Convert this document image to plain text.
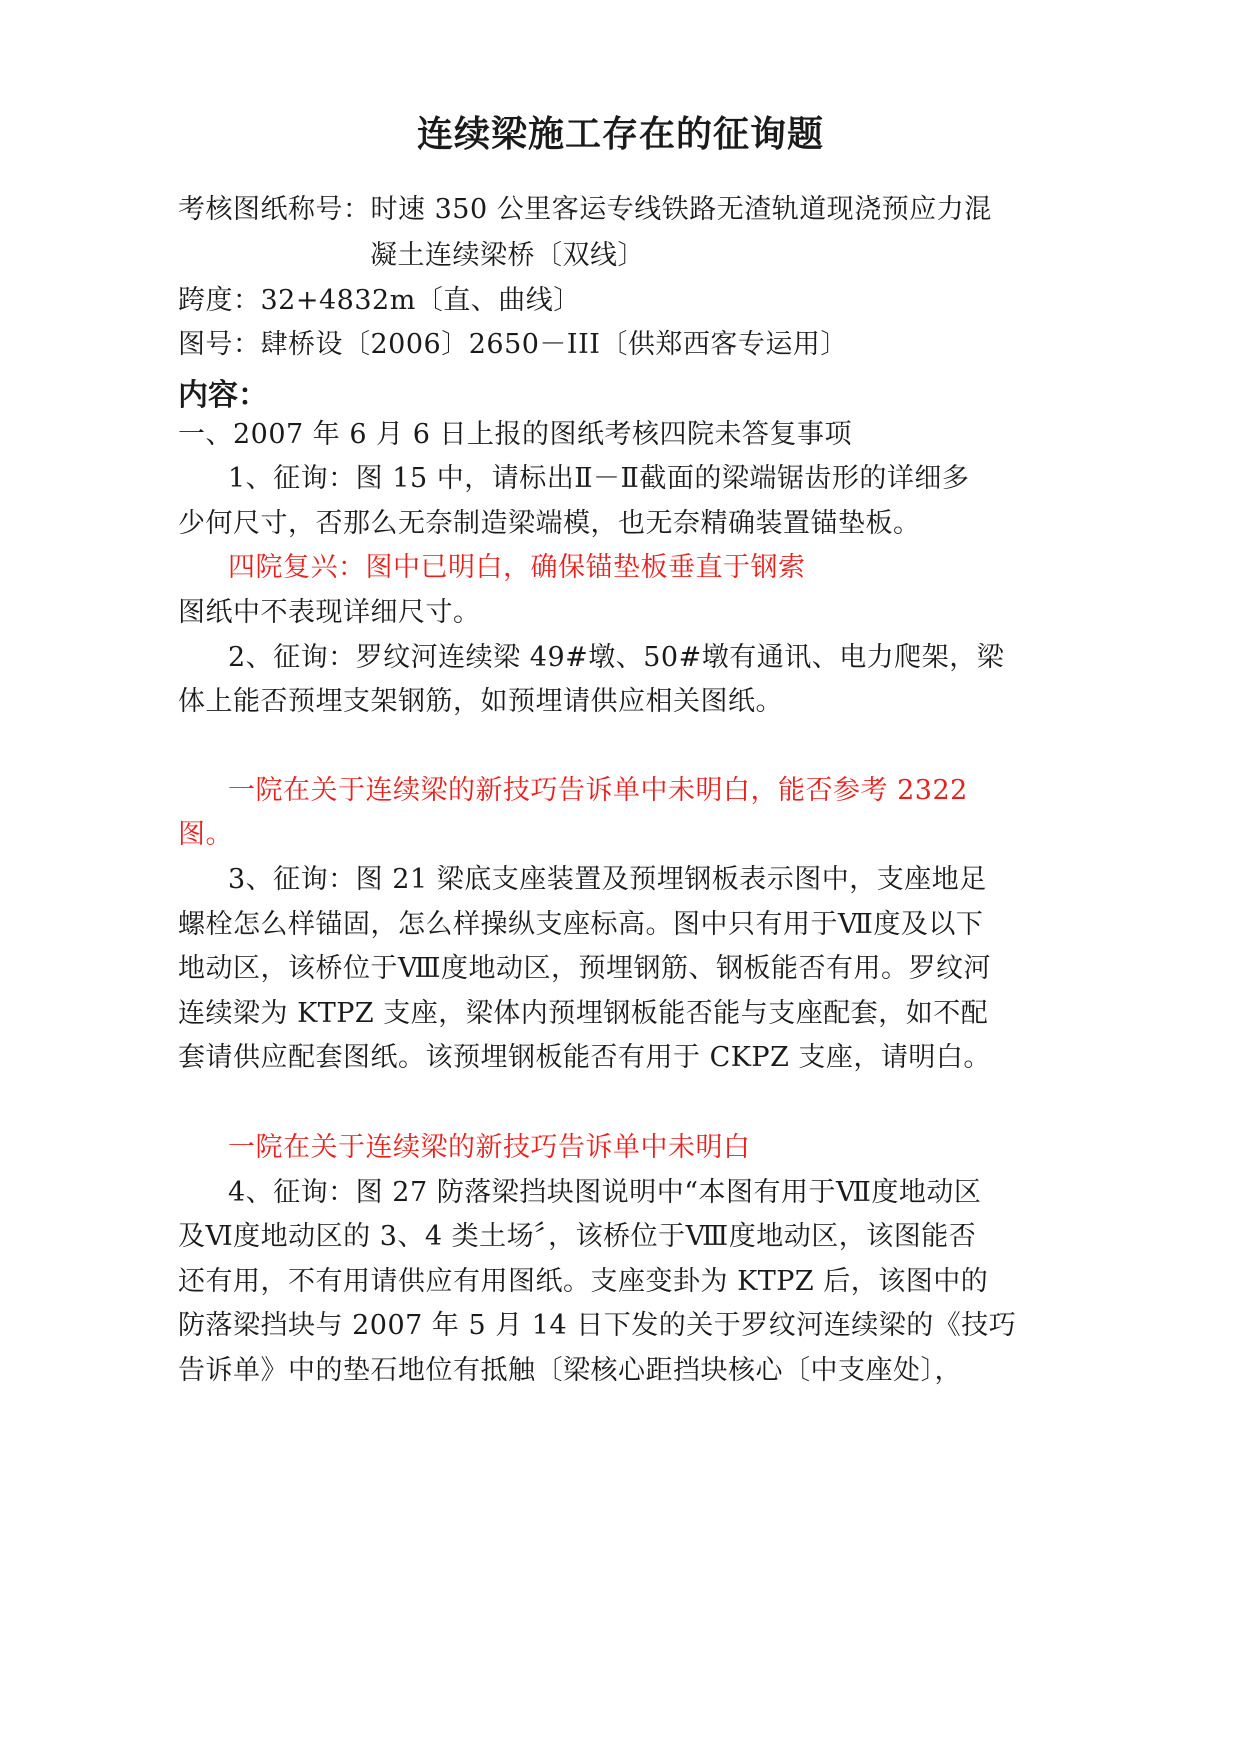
连续梁施工存在的征询题
考核图纸称号：时速 350 公里客运专线铁路无渣轨道现浇预应力混
凝土连续梁桥〔双线〕
跨度：32+4832m〔直、曲线〕
图号：肆桥设〔2006〕2650－III〔供郑西客专运用〕
内容：
一、2007 年 6 月 6 日上报的图纸考核四院未答复事项
1、征询：图 15 中，请标出Ⅱ－Ⅱ截面的梁端锯齿形的详细多
少何尺寸，否那么无奈制造梁端模，也无奈精确装置锚垫板。
四院复兴：图中已明白，确保锚垫板垂直于钢索
图纸中不表现详细尺寸。
2、征询：罗纹河连续梁 49#墩、50#墩有通讯、电力爬架，梁
体上能否预埋支架钢筋，如预埋请供应相关图纸。
一院在关于连续梁的新技巧告诉单中未明白，能否参考 2322
图。
3、征询：图 21 梁底支座装置及预埋钢板表示图中，支座地足
螺栓怎么样锚固，怎么样操纵支座标高。图中只有用于Ⅶ度及以下
地动区，该桥位于Ⅷ度地动区，预埋钢筋、钢板能否有用。罗纹河
连续梁为 KTPZ 支座，梁体内预埋钢板能否能与支座配套，如不配
套请供应配套图纸。该预埋钢板能否有用于 CKPZ 支座，请明白。
一院在关于连续梁的新技巧告诉单中未明白
4、征询：图 27 防落梁挡块图说明中“本图有用于Ⅶ度地动区
及Ⅵ度地动区的 3、4 类土场〞，该桥位于Ⅷ度地动区，该图能否
还有用，不有用请供应有用图纸。支座变卦为 KTPZ 后，该图中的
防落梁挡块与 2007 年 5 月 14 日下发的关于罗纹河连续梁的《技巧
告诉单》中的垫石地位有抵触〔梁核心距挡块核心〔中支座处〕，
